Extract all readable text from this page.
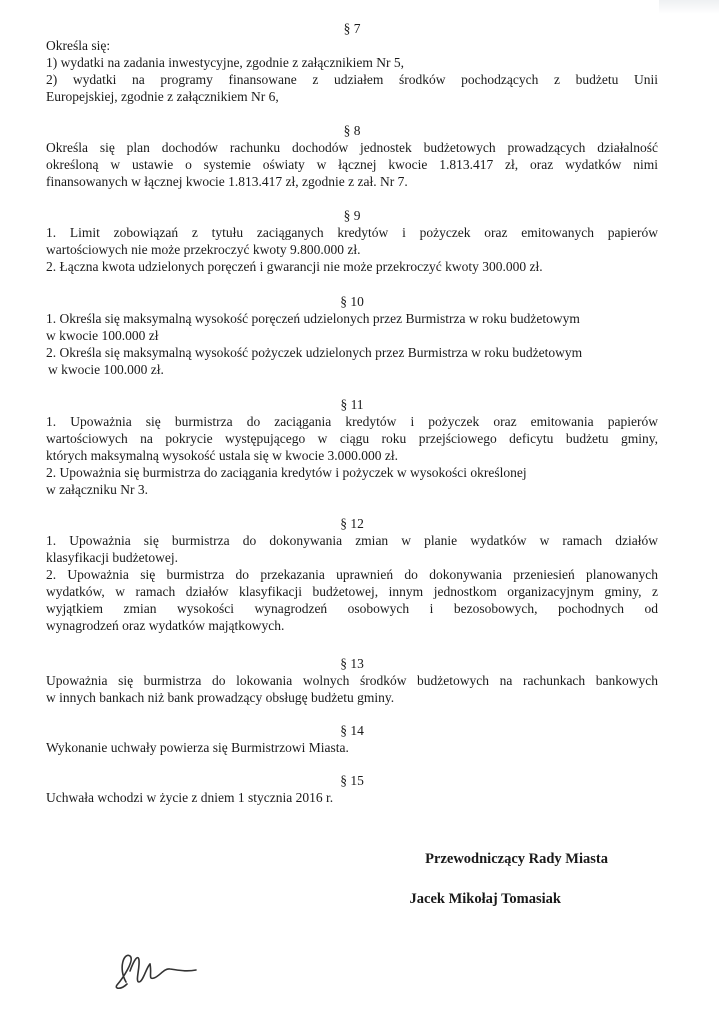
§ 7
Określa się:
1) wydatki na zadania inwestycyjne, zgodnie z załącznikiem Nr 5,
2) wydatki na programy finansowane z udziałem środków pochodzących z budżetu Unii
Europejskiej, zgodnie z załącznikiem Nr 6,
§ 8
Określa się plan dochodów rachunku dochodów jednostek budżetowych prowadzących działalność
określoną w ustawie o systemie oświaty w łącznej kwocie 1.813.417 zł, oraz wydatków nimi
finansowanych w łącznej kwocie 1.813.417 zł, zgodnie z zał. Nr 7.
§ 9
1. Limit zobowiązań z tytułu zaciąganych kredytów i pożyczek oraz emitowanych papierów
wartościowych nie może przekroczyć kwoty 9.800.000 zł.
2. Łączna kwota udzielonych poręczeń i gwarancji nie może przekroczyć kwoty 300.000 zł.
§ 10
1. Określa się maksymalną wysokość poręczeń udzielonych przez Burmistrza w roku budżetowym
w kwocie 100.000 zł
2. Określa się maksymalną wysokość pożyczek udzielonych przez Burmistrza w roku budżetowym
w kwocie 100.000 zł.
§ 11
1. Upoważnia się burmistrza do zaciągania kredytów i pożyczek oraz emitowania papierów
wartościowych na pokrycie występującego w ciągu roku przejściowego deficytu budżetu gminy,
których maksymalną wysokość ustala się w kwocie 3.000.000 zł.
2. Upoważnia się burmistrza do zaciągania kredytów i pożyczek w wysokości określonej
w załączniku Nr 3.
§ 12
1. Upoważnia się burmistrza do dokonywania zmian w planie wydatków w ramach działów
klasyfikacji budżetowej.
2. Upoważnia się burmistrza do przekazania uprawnień do dokonywania przeniesień planowanych
wydatków, w ramach działów klasyfikacji budżetowej, innym jednostkom organizacyjnym gminy, z
wyjątkiem zmian wysokości wynagrodzeń osobowych i bezosobowych, pochodnych od
wynagrodzeń oraz wydatków majątkowych.
§ 13
Upoważnia się burmistrza do lokowania wolnych środków budżetowych na rachunkach bankowych
w innych bankach niż bank prowadzący obsługę budżetu gminy.
§ 14
Wykonanie uchwały powierza się Burmistrzowi Miasta.
§ 15
Uchwała wchodzi w życie z dniem 1 stycznia 2016 r.
Przewodniczący Rady Miasta
Jacek Mikołaj Tomasiak
